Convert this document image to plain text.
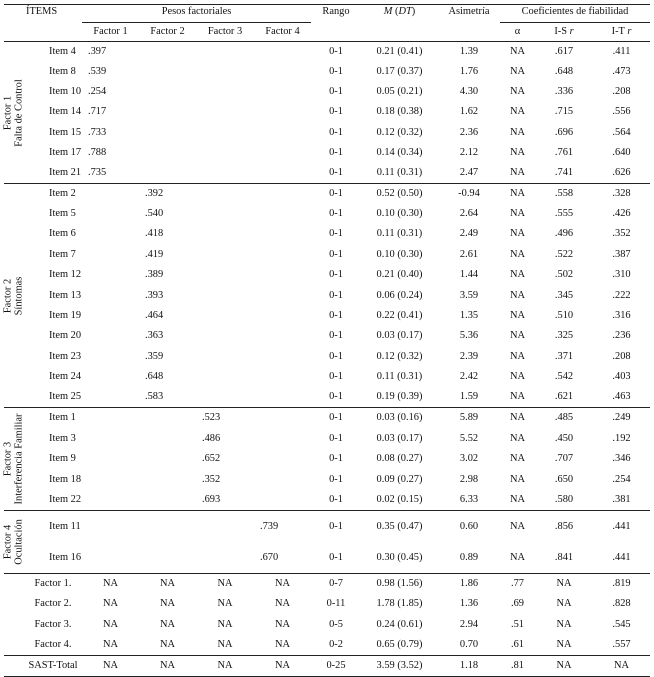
ÍTEMS		Pesos factoriales				Rango	M (DT)	Asimetría	Coeficientes de fiabilidad		
		Factor 1	Factor 2	Factor 3	Factor 4				α	I-S r	I-T r

Factor 1 Falta de Control	Item 4	.397				0-1	0.21 (0.41)	1.39	NA	.617	.411
	Item 8	.539				0-1	0.17 (0.37)	1.76	NA	.648	.473
	Item 10	.254				0-1	0.05 (0.21)	4.30	NA	.336	.208
	Item 14	.717				0-1	0.18 (0.38)	1.62	NA	.715	.556
	Item 15	.733				0-1	0.12 (0.32)	2.36	NA	.696	.564
	Item 17	.788				0-1	0.14 (0.34)	2.12	NA	.761	.640
	Item 21	.735				0-1	0.11 (0.31)	2.47	NA	.741	.626

Factor 2 Síntomas	Item 2		.392			0-1	0.52 (0.50)	-0.94	NA	.558	.328
	Item 5		.540			0-1	0.10 (0.30)	2.64	NA	.555	.426
	Item 6		.418			0-1	0.11 (0.31)	2.49	NA	.496	.352
	Item 7		.419			0-1	0.10 (0.30)	2.61	NA	.522	.387
	Item 12		.389			0-1	0.21 (0.40)	1.44	NA	.502	.310
	Item 13		.393			0-1	0.06 (0.24)	3.59	NA	.345	.222
	Item 19		.464			0-1	0.22 (0.41)	1.35	NA	.510	.316
	Item 20		.363			0-1	0.03 (0.17)	5.36	NA	.325	.236
	Item 23		.359			0-1	0.12 (0.32)	2.39	NA	.371	.208
	Item 24		.648			0-1	0.11 (0.31)	2.42	NA	.542	.403
	Item 25		.583			0-1	0.19 (0.39)	1.59	NA	.621	.463

Factor 3 Interferencia Familiar	Item 1			.523		0-1	0.03 (0.16)	5.89	NA	.485	.249
	Item 3			.486		0-1	0.03 (0.17)	5.52	NA	.450	.192
	Item 9			.652		0-1	0.08 (0.27)	3.02	NA	.707	.346
	Item 18			.352		0-1	0.09 (0.27)	2.98	NA	.650	.254
	Item 22			.693		0-1	0.02 (0.15)	6.33	NA	.580	.381

Factor 4 Ocultación	Item 11				.739	0-1	0.35 (0.47)	0.60	NA	.856	.441
	Item 16				.670	0-1	0.30 (0.45)	0.89	NA	.841	.441
Factor 1.		NA	NA	NA	NA	0-7	0.98 (1.56)	1.86	.77	NA	.819
Factor 2.		NA	NA	NA	NA	0-11	1.78 (1.85)	1.36	.69	NA	.828
Factor 3.		NA	NA	NA	NA	0-5	0.24 (0.61)	2.94	.51	NA	.545
Factor 4.		NA	NA	NA	NA	0-2	0.65 (0.79)	0.70	.61	NA	.557
SAST-Total		NA	NA	NA	NA	0-25	3.59 (3.52)	1.18	.81	NA	NA
